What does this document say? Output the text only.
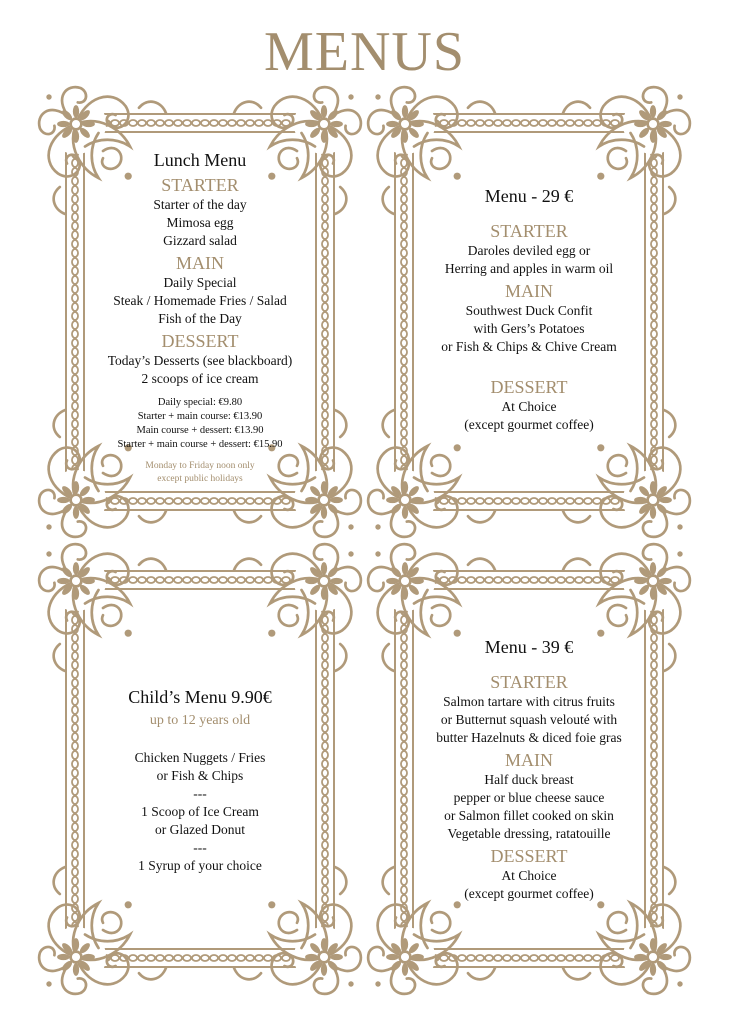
MENUS
Lunch Menu
STARTER
Starter of the day
Mimosa egg
Gizzard salad
MAIN
Daily Special
Steak / Homemade Fries / Salad
Fish of the Day
DESSERT
Today’s Desserts (see blackboard)
2 scoops of ice cream
Daily special: €9.80
Starter + main course: €13.90
Main course + dessert: €13.90
Starter + main course + dessert: €15.90
Monday to Friday noon only
except public holidays
Menu - 29 €
STARTER
Daroles deviled egg or
Herring and apples in warm oil
MAIN
Southwest Duck Confit
with Gers’s Potatoes
or Fish & Chips & Chive Cream
DESSERT
At Choice
(except gourmet coffee)
Child’s Menu 9.90€
up to 12 years old
Chicken Nuggets / Fries
or Fish & Chips
---
1 Scoop of Ice Cream
or Glazed Donut
---
1 Syrup of your choice
Menu - 39 €
STARTER
Salmon tartare with citrus fruits
or Butternut squash velouté with
butter Hazelnuts & diced foie gras
MAIN
Half duck breast
pepper or blue cheese sauce
or Salmon fillet cooked on skin
Vegetable dressing, ratatouille
DESSERT
At Choice
(except gourmet coffee)
